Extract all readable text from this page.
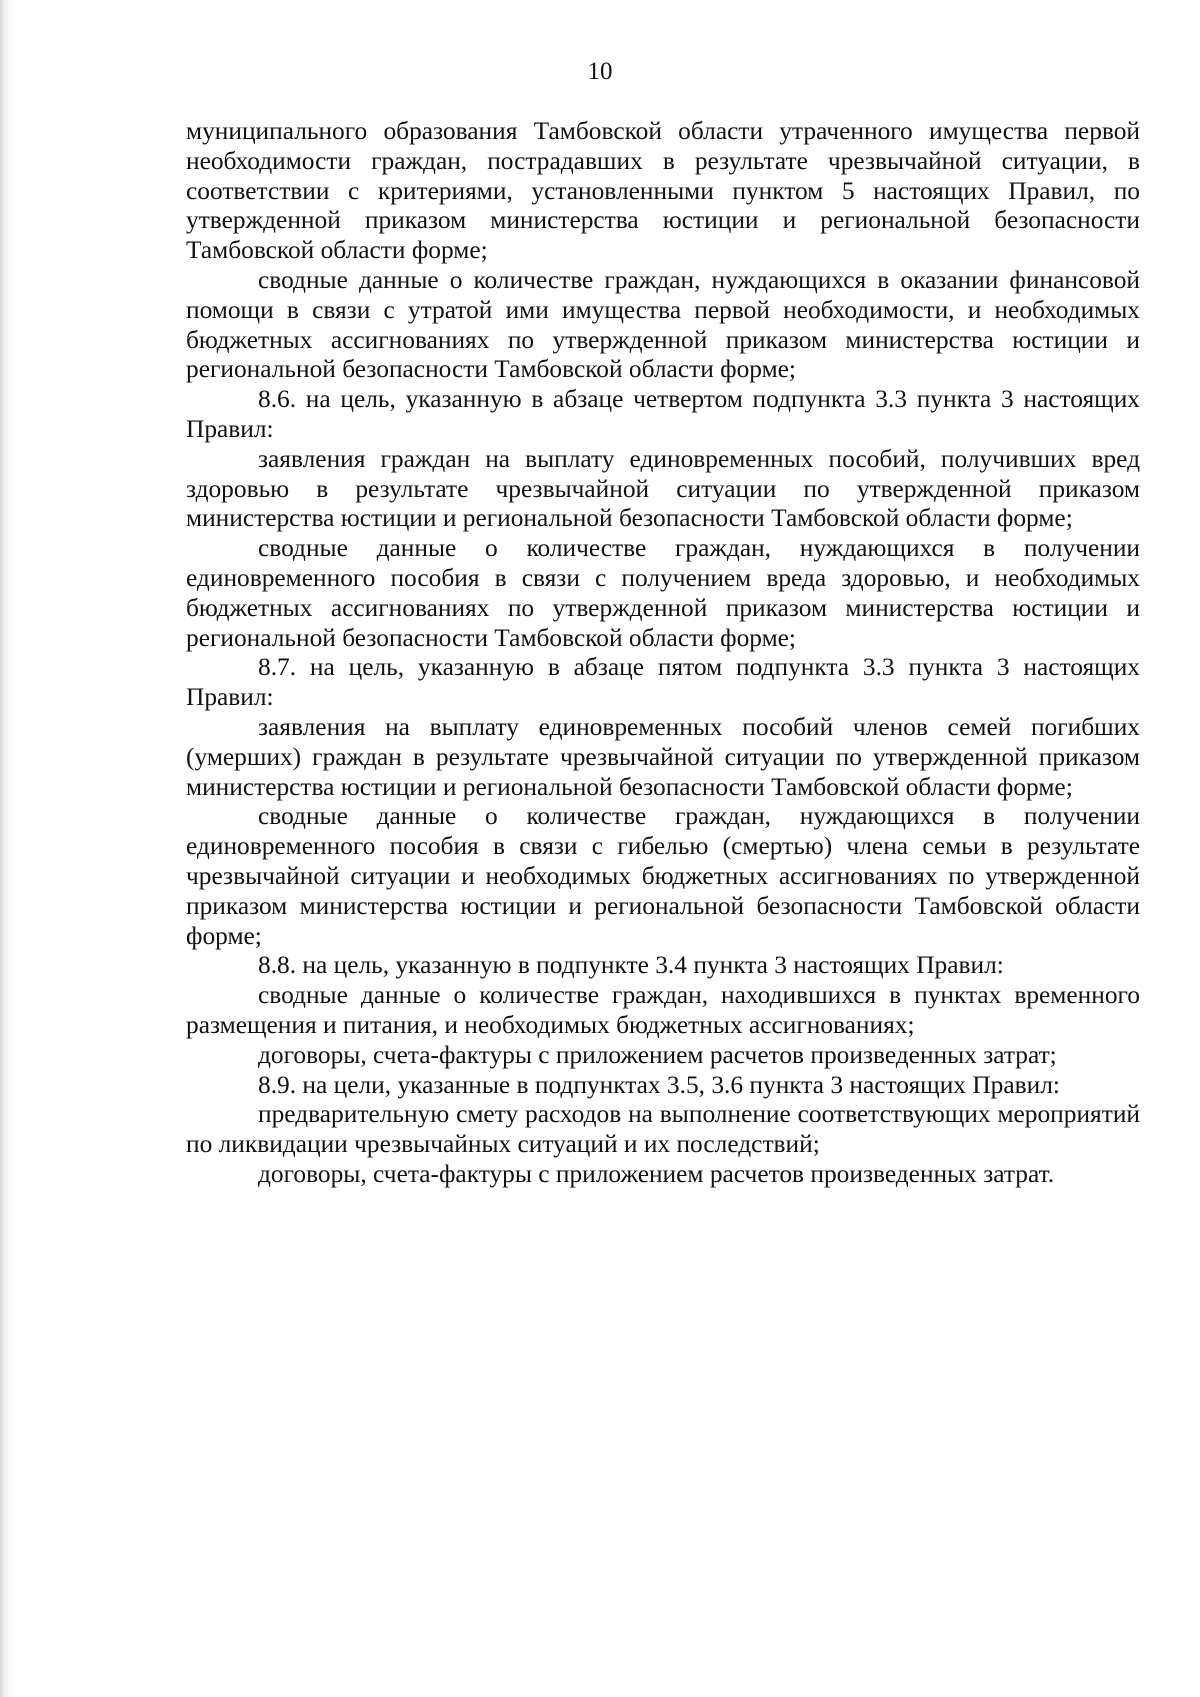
10

муниципального образования Тамбовской области утраченного имущества первой необходимости граждан, пострадавших в результате чрезвычайной ситуации, в соответствии с критериями, установленными пунктом 5 настоящих Правил, по утвержденной приказом министерства юстиции и региональной безопасности Тамбовской области форме;

сводные данные о количестве граждан, нуждающихся в оказании финансовой помощи в связи с утратой ими имущества первой необходимости, и необходимых бюджетных ассигнованиях по утвержденной приказом министерства юстиции и региональной безопасности Тамбовской области форме;

8.6. на цель, указанную в абзаце четвертом подпункта 3.3 пункта 3 настоящих Правил:

заявления граждан на выплату единовременных пособий, получивших вред здоровью в результате чрезвычайной ситуации по утвержденной приказом министерства юстиции и региональной безопасности Тамбовской области форме;

сводные данные о количестве граждан, нуждающихся в получении единовременного пособия в связи с получением вреда здоровью, и необходимых бюджетных ассигнованиях по утвержденной приказом министерства юстиции и региональной безопасности Тамбовской области форме;

8.7. на цель, указанную в абзаце пятом подпункта 3.3 пункта 3 настоящих Правил:

заявления на выплату единовременных пособий членов семей погибших (умерших) граждан в результате чрезвычайной ситуации по утвержденной приказом министерства юстиции и региональной безопасности Тамбовской области форме;

сводные данные о количестве граждан, нуждающихся в получении единовременного пособия в связи с гибелью (смертью) члена семьи в результате чрезвычайной ситуации и необходимых бюджетных ассигнованиях по утвержденной приказом министерства юстиции и региональной безопасности Тамбовской области форме;

8.8. на цель, указанную в подпункте 3.4 пункта 3 настоящих Правил:

сводные данные о количестве граждан, находившихся в пунктах временного размещения и питания, и необходимых бюджетных ассигнованиях;

договоры, счета-фактуры с приложением расчетов произведенных затрат;

8.9. на цели, указанные в подпунктах 3.5, 3.6 пункта 3 настоящих Правил:

предварительную смету расходов на выполнение соответствующих мероприятий по ликвидации чрезвычайных ситуаций и их последствий;

договоры, счета-фактуры с приложением расчетов произведенных затрат.
